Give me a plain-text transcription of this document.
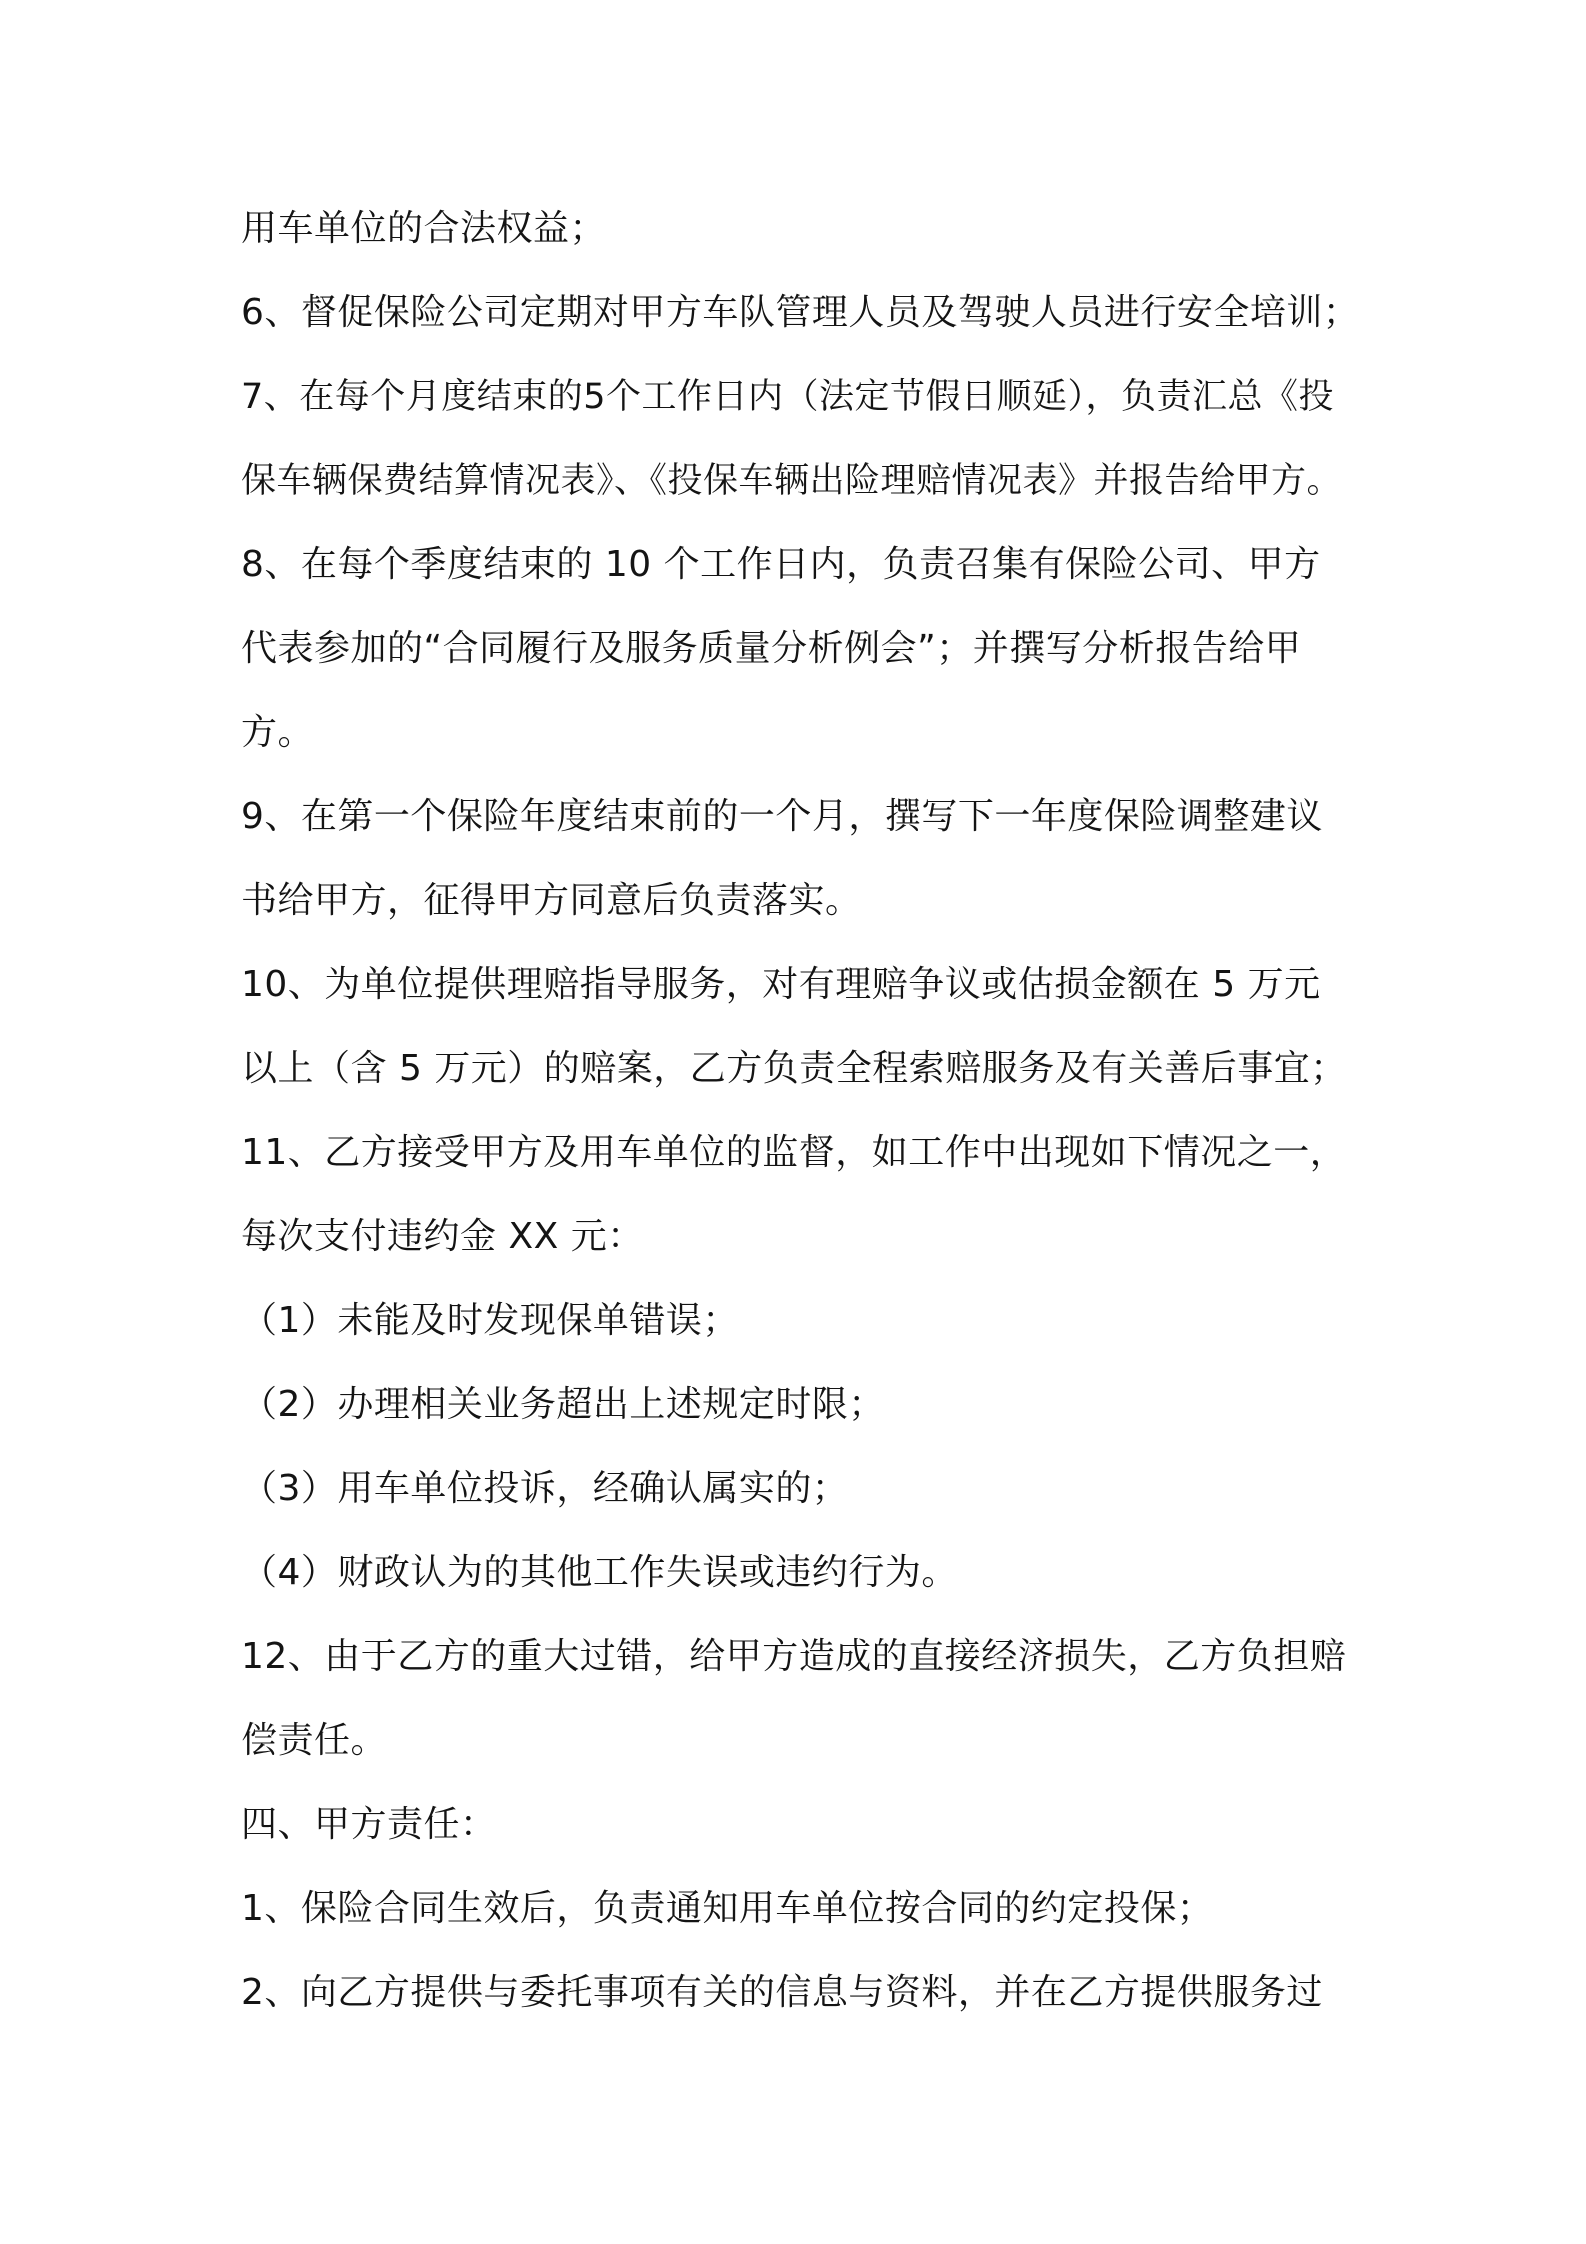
用车单位的合法权益；
6、督促保险公司定期对甲方车队管理人员及驾驶人员进行安全培训；
7、在每个月度结束的5个工作日内（法定节假日顺延），负责汇总《投
保车辆保费结算情况表》、《投保车辆出险理赔情况表》并报告给甲方。
8、在每个季度结束的 10 个工作日内，负责召集有保险公司、甲方
代表参加的“合同履行及服务质量分析例会”；并撰写分析报告给甲
方。
9、在第一个保险年度结束前的一个月，撰写下一年度保险调整建议
书给甲方，征得甲方同意后负责落实。
10、为单位提供理赔指导服务，对有理赔争议或估损金额在 5 万元
以上（含 5 万元）的赔案，乙方负责全程索赔服务及有关善后事宜；
11、乙方接受甲方及用车单位的监督，如工作中出现如下情况之一，
每次支付违约金 XX 元：
（1）未能及时发现保单错误；
（2）办理相关业务超出上述规定时限；
（3）用车单位投诉，经确认属实的；
（4）财政认为的其他工作失误或违约行为。
12、由于乙方的重大过错，给甲方造成的直接经济损失，乙方负担赔
偿责任。
四、甲方责任：
1、保险合同生效后，负责通知用车单位按合同的约定投保；
2、向乙方提供与委托事项有关的信息与资料，并在乙方提供服务过
